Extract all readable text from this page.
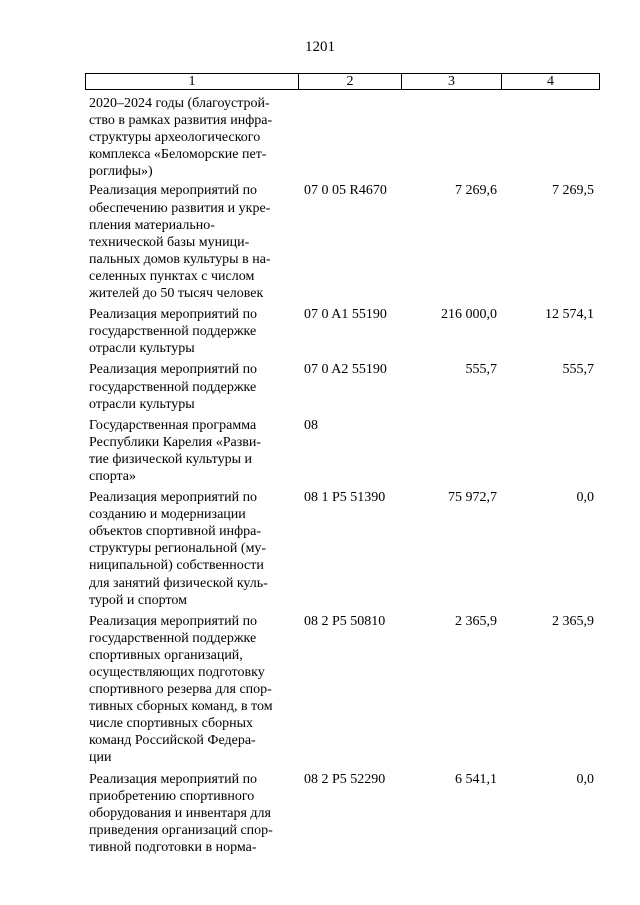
1201
1	2	3	4
2020–2024 годы (благоустрой-
ство в рамках развития инфра-
структуры археологического
комплекса «Беломорские пет-
роглифы»)
Реализация мероприятий по
обеспечению развития и укре-
пления материально-
технической базы муници-
пальных домов культуры в на-
селенных пунктах с числом
жителей до 50 тысяч человек
07 0 05 R4670	7 269,6	7 269,5
Реализация мероприятий по
государственной поддержке
отрасли культуры
07 0 A1 55190	216 000,0	12 574,1
Реализация мероприятий по
государственной поддержке
отрасли культуры
07 0 A2 55190	555,7	555,7
Государственная программа
Республики Карелия «Разви-
тие физической культуры и
спорта»
08
Реализация мероприятий по
созданию и модернизации
объектов спортивной инфра-
структуры региональной (му-
ниципальной) собственности
для занятий физической куль-
турой и спортом
08 1 P5 51390	75 972,7	0,0
Реализация мероприятий по
государственной поддержке
спортивных организаций,
осуществляющих подготовку
спортивного резерва для спор-
тивных сборных команд, в том
числе спортивных сборных
команд Российской Федера-
ции
08 2 P5 50810	2 365,9	2 365,9
Реализация мероприятий по
приобретению спортивного
оборудования и инвентаря для
приведения организаций спор-
тивной подготовки в норма-
08 2 P5 52290	6 541,1	0,0
